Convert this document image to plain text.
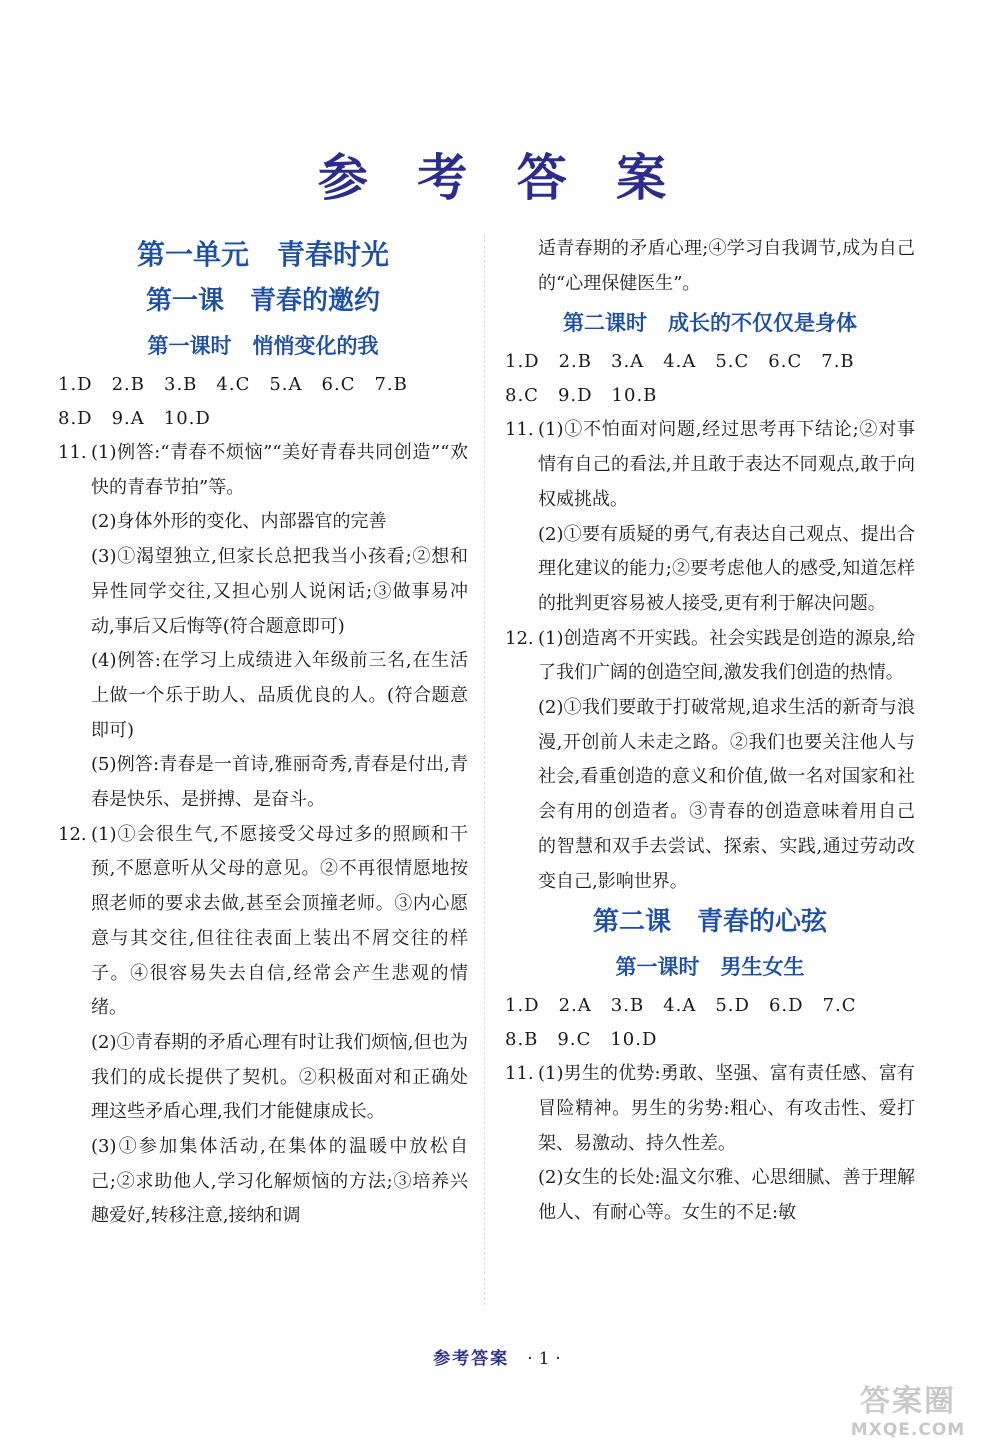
参 考 答 案
第一单元　青春时光
第一课　青春的邀约
第一课时　悄悄变化的我
1.D　2.B　3.B　4.C　5.A　6.C　7.B
8.D　9.A　10.D
11. (1)例答:“青春不烦恼”“美好青春共同创造”“欢快的青春节拍”等。
(2)身体外形的变化、内部器官的完善
(3)①渴望独立,但家长总把我当小孩看;②想和异性同学交往,又担心别人说闲话;③做事易冲动,事后又后悔等(符合题意即可)
(4)例答:在学习上成绩进入年级前三名,在生活上做一个乐于助人、品质优良的人。(符合题意即可)
(5)例答:青春是一首诗,雅丽奇秀,青春是付出,青春是快乐、是拼搏、是奋斗。
12. (1)①会很生气,不愿接受父母过多的照顾和干预,不愿意听从父母的意见。②不再很情愿地按照老师的要求去做,甚至会顶撞老师。③内心愿意与其交往,但往往表面上装出不屑交往的样子。④很容易失去自信,经常会产生悲观的情绪。
(2)①青春期的矛盾心理有时让我们烦恼,但也为我们的成长提供了契机。②积极面对和正确处理这些矛盾心理,我们才能健康成长。
(3)①参加集体活动,在集体的温暖中放松自己;②求助他人,学习化解烦恼的方法;③培养兴趣爱好,转移注意,接纳和调
适青春期的矛盾心理;④学习自我调节,成为自己的“心理保健医生”。
第二课时　成长的不仅仅是身体
1.D　2.B　3.A　4.A　5.C　6.C　7.B
8.C　9.D　10.B
11. (1)①不怕面对问题,经过思考再下结论;②对事情有自己的看法,并且敢于表达不同观点,敢于向权威挑战。
(2)①要有质疑的勇气,有表达自己观点、提出合理化建议的能力;②要考虑他人的感受,知道怎样的批判更容易被人接受,更有利于解决问题。
12. (1)创造离不开实践。社会实践是创造的源泉,给了我们广阔的创造空间,激发我们创造的热情。
(2)①我们要敢于打破常规,追求生活的新奇与浪漫,开创前人未走之路。②我们也要关注他人与社会,看重创造的意义和价值,做一名对国家和社会有用的创造者。③青春的创造意味着用自己的智慧和双手去尝试、探索、实践,通过劳动改变自己,影响世界。
第二课　青春的心弦
第一课时　男生女生
1.D　2.A　3.B　4.A　5.D　6.D　7.C
8.B　9.C　10.D
11. (1)男生的优势:勇敢、坚强、富有责任感、富有冒险精神。男生的劣势:粗心、有攻击性、爱打架、易激动、持久性差。
(2)女生的长处:温文尔雅、心思细腻、善于理解他人、有耐心等。女生的不足:敏
参考答案 ·1·
答案圈
MXQE.COM
